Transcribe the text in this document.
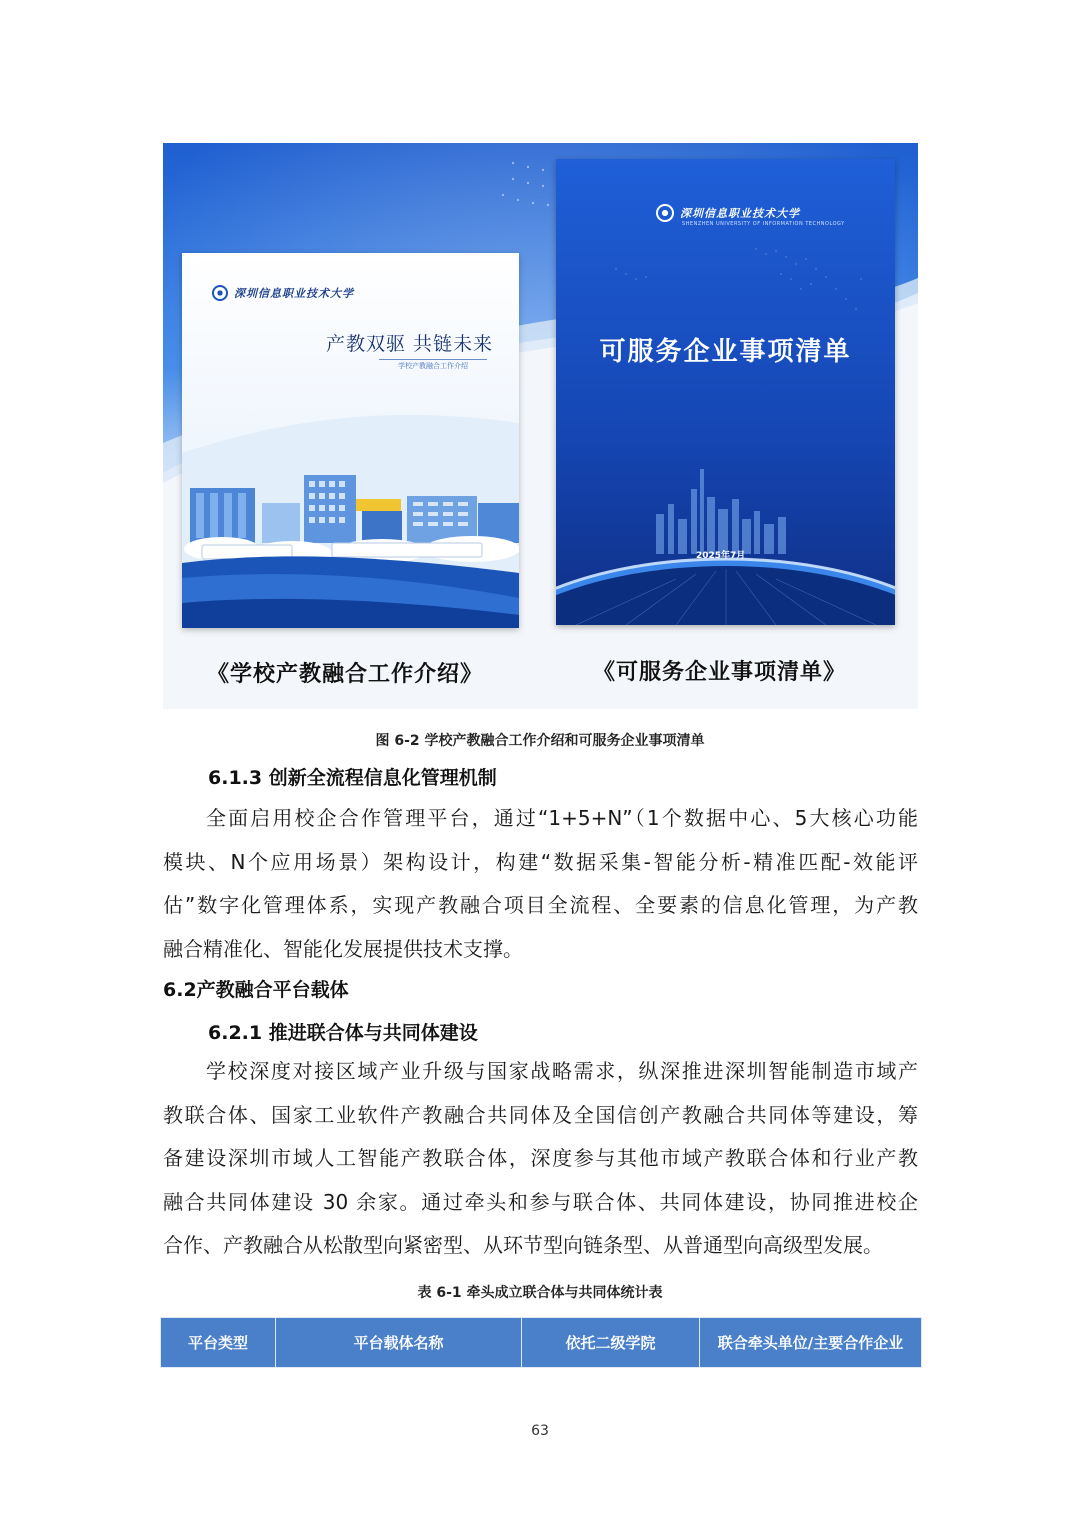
深圳信息职业技术大学
产教双驱 共链未来
学校产教融合工作介绍
深圳信息职业技术大学
SHENZHEN UNIVERSITY OF INFORMATION TECHNOLOGY
可服务企业事项清单
2025年7月
《学校产教融合工作介绍》	《可服务企业事项清单》
图 6-2 学校产教融合工作介绍和可服务企业事项清单
6.1.3 创新全流程信息化管理机制
全面启用校企合作管理平台，通过“1+5+N”（1个数据中心、5大核心功能
模块、N个应用场景）架构设计，构建“数据采集-智能分析-精准匹配-效能评
估”数字化管理体系，实现产教融合项目全流程、全要素的信息化管理，为产教
融合精准化、智能化发展提供技术支撑。
6.2产教融合平台载体
6.2.1 推进联合体与共同体建设
学校深度对接区域产业升级与国家战略需求，纵深推进深圳智能制造市域产
教联合体、国家工业软件产教融合共同体及全国信创产教融合共同体等建设，筹
备建设深圳市域人工智能产教联合体，深度参与其他市域产教联合体和行业产教
融合共同体建设 30 余家。通过牵头和参与联合体、共同体建设，协同推进校企
合作、产教融合从松散型向紧密型、从环节型向链条型、从普通型向高级型发展。
表 6-1 牵头成立联合体与共同体统计表
平台类型	平台载体名称	依托二级学院	联合牵头单位/主要合作企业
63
